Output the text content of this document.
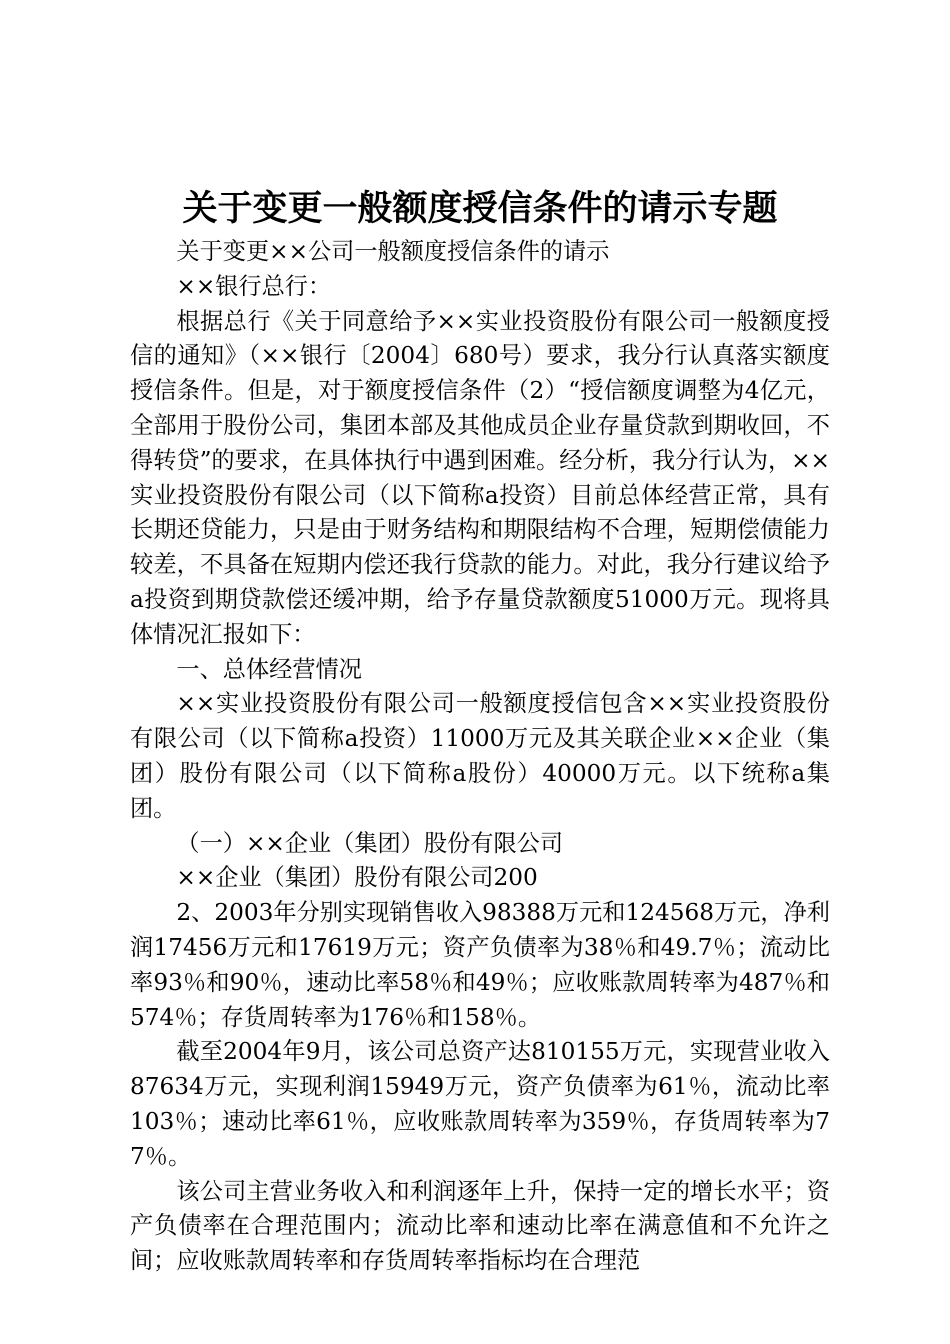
关于变更一般额度授信条件的请示专题

关于变更××公司一般额度授信条件的请示

××银行总行：

根据总行《关于同意给予××实业投资股份有限公司一般额度授信的通知》（××银行〔2004〕680号）要求，我分行认真落实额度授信条件。但是，对于额度授信条件（2）“授信额度调整为4亿元，全部用于股份公司，集团本部及其他成员企业存量贷款到期收回，不得转贷”的要求，在具体执行中遇到困难。经分析，我分行认为，××实业投资股份有限公司（以下简称a投资）目前总体经营正常，具有长期还贷能力，只是由于财务结构和期限结构不合理，短期偿债能力较差，不具备在短期内偿还我行贷款的能力。对此，我分行建议给予a投资到期贷款偿还缓冲期，给予存量贷款额度51000万元。现将具体情况汇报如下：

一、总体经营情况

××实业投资股份有限公司一般额度授信包含××实业投资股份有限公司（以下简称a投资）11000万元及其关联企业××企业（集团）股份有限公司（以下简称a股份）40000万元。以下统称a集团。

（一）××企业（集团）股份有限公司

××企业（集团）股份有限公司200

2、2003年分别实现销售收入98388万元和124568万元，净利润17456万元和17619万元；资产负债率为38％和49.7％；流动比率93％和90％，速动比率58％和49％；应收账款周转率为487％和574％；存货周转率为176％和158％。

截至2004年9月，该公司总资产达810155万元，实现营业收入87634万元，实现利润15949万元，资产负债率为61％，流动比率103％；速动比率61％，应收账款周转率为359％，存货周转率为77％。

该公司主营业务收入和利润逐年上升，保持一定的增长水平；资产负债率在合理范围内；流动比率和速动比率在满意值和不允许之间；应收账款周转率和存货周转率指标均在合理范
